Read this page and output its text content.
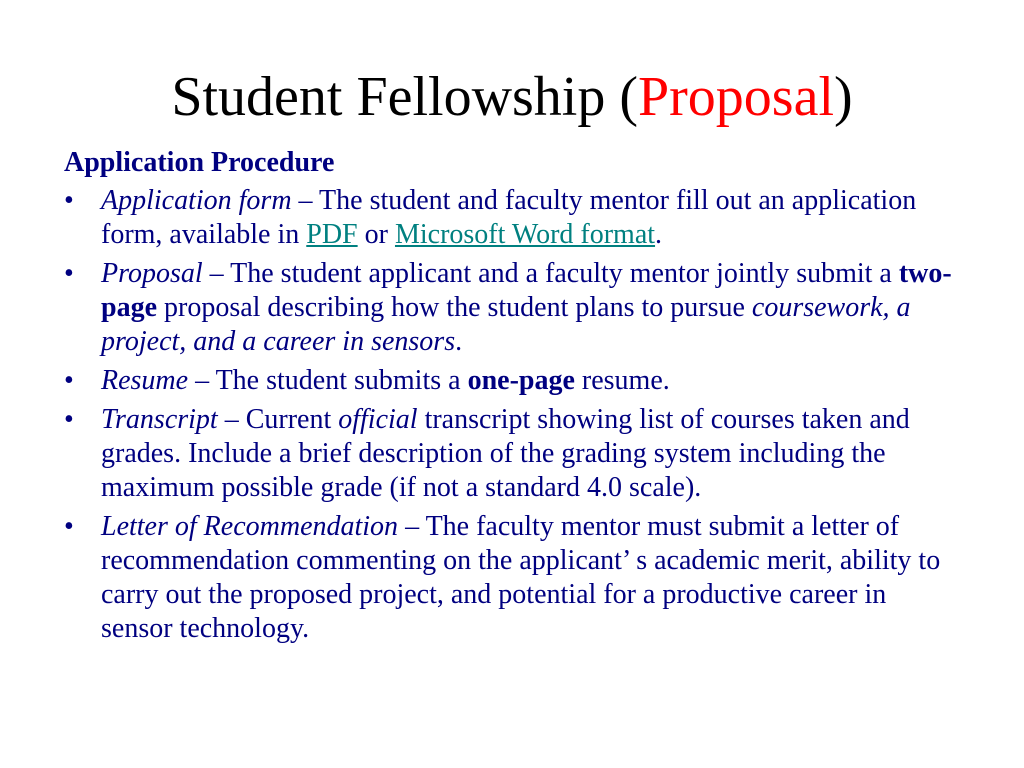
Student Fellowship (Proposal)
Application Procedure
• Application form – The student and faculty mentor fill out an application form, available in PDF or Microsoft Word format.
• Proposal – The student applicant and a faculty mentor jointly submit a two-page proposal describing how the student plans to pursue coursework, a project, and a career in sensors.
• Resume – The student submits a one-page resume.
• Transcript – Current official transcript showing list of courses taken and grades. Include a brief description of the grading system including the maximum possible grade (if not a standard 4.0 scale).
• Letter of Recommendation – The faculty mentor must submit a letter of recommendation commenting on the applicant’ s academic merit, ability to carry out the proposed project, and potential for a productive career in sensor technology.
